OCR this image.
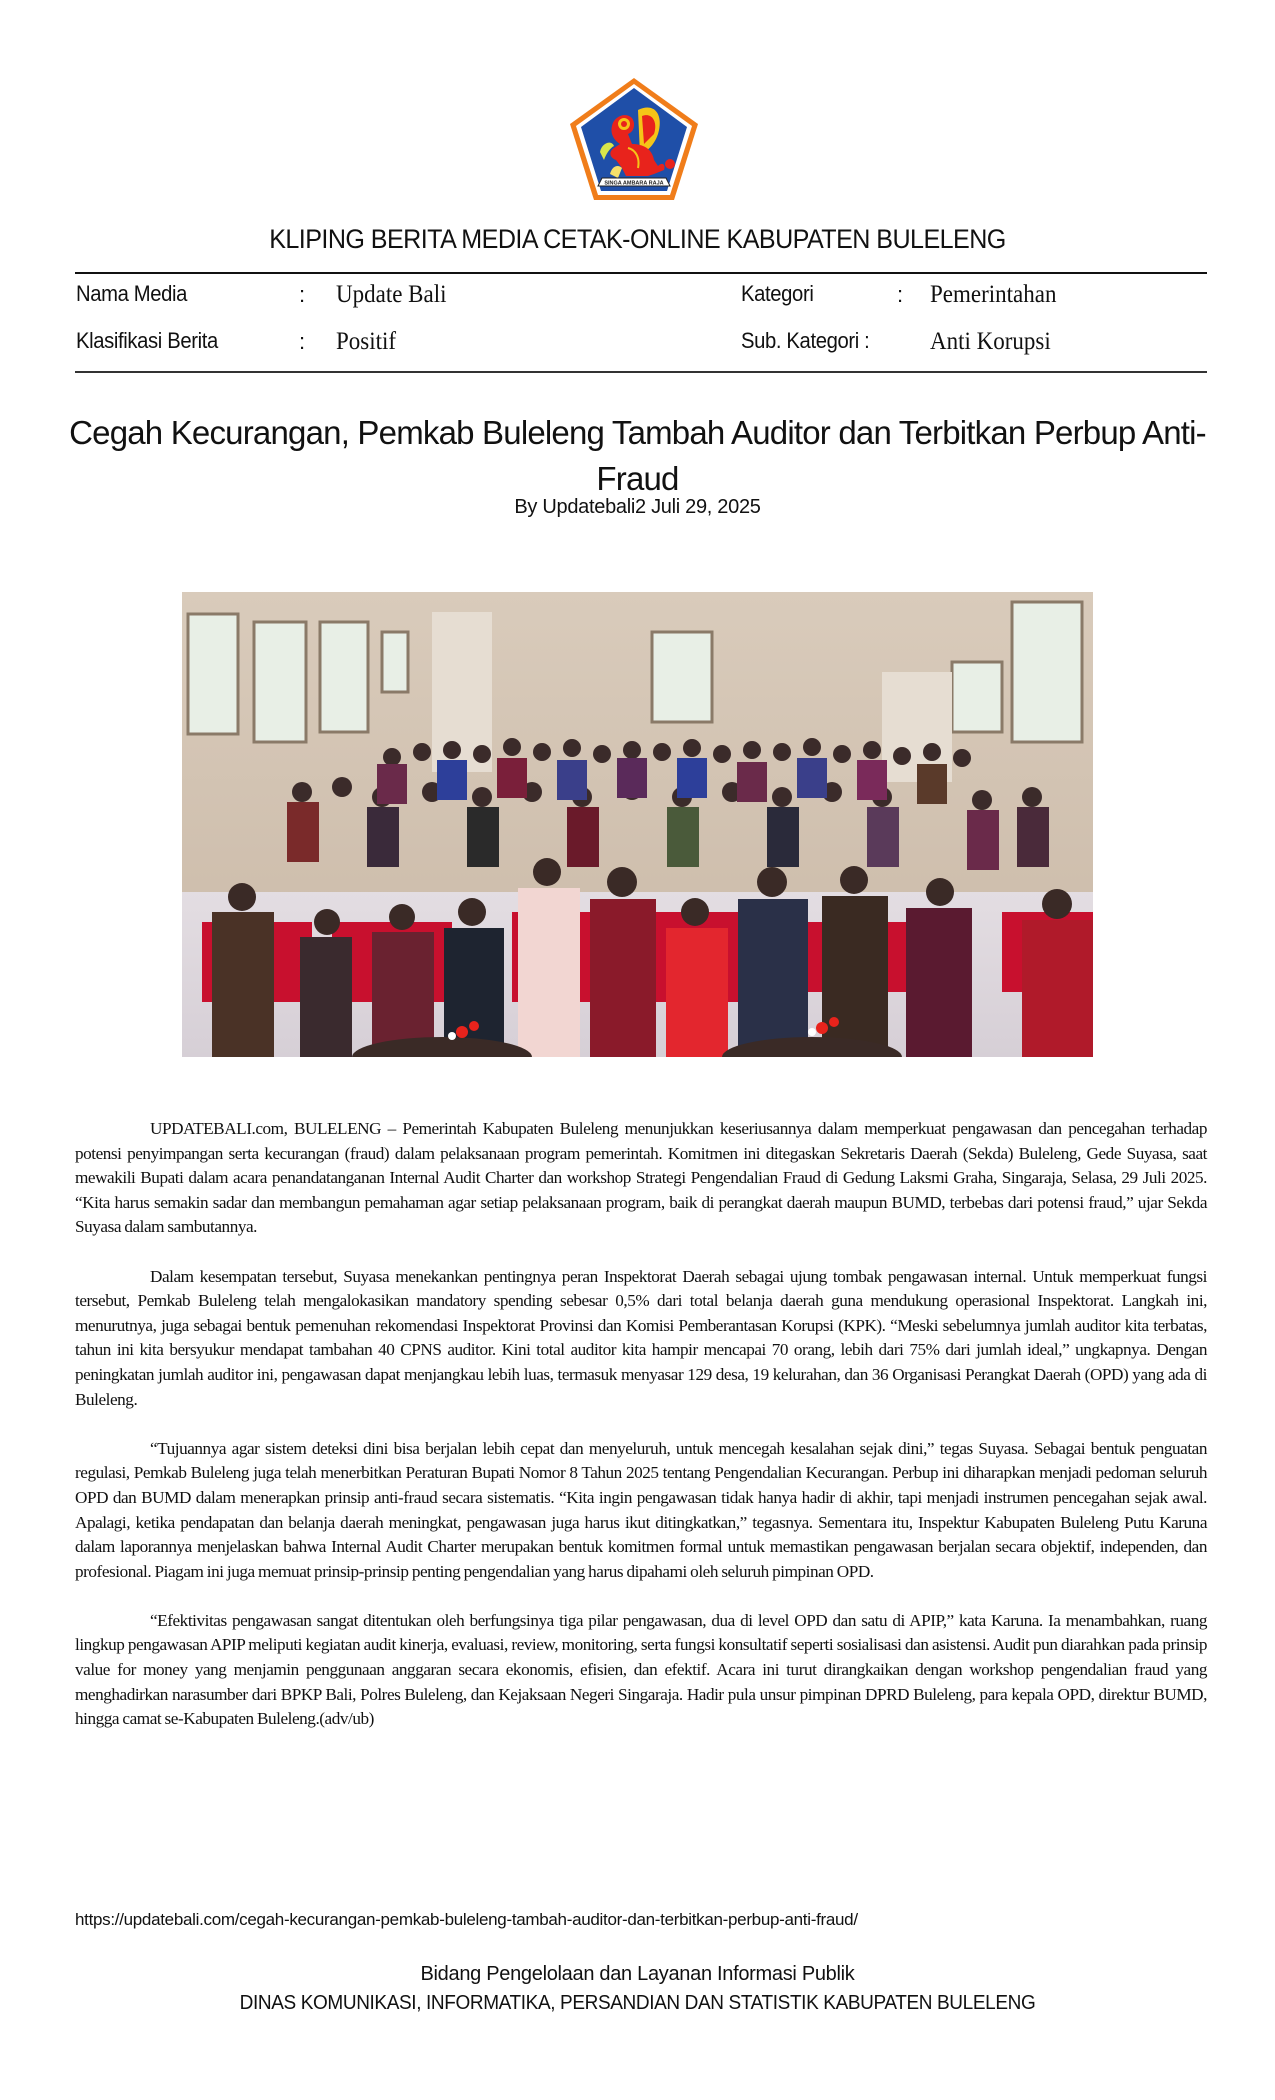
SINGA AMBARA RAJA
KLIPING BERITA MEDIA CETAK-ONLINE KABUPATEN BULELENG
Nama Media	: Update Bali
Klasifikasi Berita	: Positif
Kategori	: Pemerintahan
Sub. Kategori : Anti Korupsi
Cegah Kecurangan, Pemkab Buleleng Tambah Auditor dan Terbitkan Perbup Anti-Fraud
By Updatebali2 Juli 29, 2025

UPDATEBALI.com, BULELENG – Pemerintah Kabupaten Buleleng menunjukkan keseriusannya dalam memperkuat pengawasan dan pencegahan terhadap potensi penyimpangan serta kecurangan (fraud) dalam pelaksanaan program pemerintah. Komitmen ini ditegaskan Sekretaris Daerah (Sekda) Buleleng, Gede Suyasa, saat mewakili Bupati dalam acara penandatanganan Internal Audit Charter dan workshop Strategi Pengendalian Fraud di Gedung Laksmi Graha, Singaraja, Selasa, 29 Juli 2025. “Kita harus semakin sadar dan membangun pemahaman agar setiap pelaksanaan program, baik di perangkat daerah maupun BUMD, terbebas dari potensi fraud,” ujar Sekda Suyasa dalam sambutannya.

Dalam kesempatan tersebut, Suyasa menekankan pentingnya peran Inspektorat Daerah sebagai ujung tombak pengawasan internal. Untuk memperkuat fungsi tersebut, Pemkab Buleleng telah mengalokasikan mandatory spending sebesar 0,5% dari total belanja daerah guna mendukung operasional Inspektorat. Langkah ini, menurutnya, juga sebagai bentuk pemenuhan rekomendasi Inspektorat Provinsi dan Komisi Pemberantasan Korupsi (KPK). “Meski sebelumnya jumlah auditor kita terbatas, tahun ini kita bersyukur mendapat tambahan 40 CPNS auditor. Kini total auditor kita hampir mencapai 70 orang, lebih dari 75% dari jumlah ideal,” ungkapnya. Dengan peningkatan jumlah auditor ini, pengawasan dapat menjangkau lebih luas, termasuk menyasar 129 desa, 19 kelurahan, dan 36 Organisasi Perangkat Daerah (OPD) yang ada di Buleleng.

“Tujuannya agar sistem deteksi dini bisa berjalan lebih cepat dan menyeluruh, untuk mencegah kesalahan sejak dini,” tegas Suyasa. Sebagai bentuk penguatan regulasi, Pemkab Buleleng juga telah menerbitkan Peraturan Bupati Nomor 8 Tahun 2025 tentang Pengendalian Kecurangan. Perbup ini diharapkan menjadi pedoman seluruh OPD dan BUMD dalam menerapkan prinsip anti-fraud secara sistematis. “Kita ingin pengawasan tidak hanya hadir di akhir, tapi menjadi instrumen pencegahan sejak awal. Apalagi, ketika pendapatan dan belanja daerah meningkat, pengawasan juga harus ikut ditingkatkan,” tegasnya. Sementara itu, Inspektur Kabupaten Buleleng Putu Karuna dalam laporannya menjelaskan bahwa Internal Audit Charter merupakan bentuk komitmen formal untuk memastikan pengawasan berjalan secara objektif, independen, dan profesional. Piagam ini juga memuat prinsip-prinsip penting pengendalian yang harus dipahami oleh seluruh pimpinan OPD.

“Efektivitas pengawasan sangat ditentukan oleh berfungsinya tiga pilar pengawasan, dua di level OPD dan satu di APIP,” kata Karuna. Ia menambahkan, ruang lingkup pengawasan APIP meliputi kegiatan audit kinerja, evaluasi, review, monitoring, serta fungsi konsultatif seperti sosialisasi dan asistensi. Audit pun diarahkan pada prinsip value for money yang menjamin penggunaan anggaran secara ekonomis, efisien, dan efektif. Acara ini turut dirangkaikan dengan workshop pengendalian fraud yang menghadirkan narasumber dari BPKP Bali, Polres Buleleng, dan Kejaksaan Negeri Singaraja. Hadir pula unsur pimpinan DPRD Buleleng, para kepala OPD, direktur BUMD, hingga camat se-Kabupaten Buleleng.(adv/ub)

https://updatebali.com/cegah-kecurangan-pemkab-buleleng-tambah-auditor-dan-terbitkan-perbup-anti-fraud/
Bidang Pengelolaan dan Layanan Informasi Publik
DINAS KOMUNIKASI, INFORMATIKA, PERSANDIAN DAN STATISTIK KABUPATEN BULELENG
